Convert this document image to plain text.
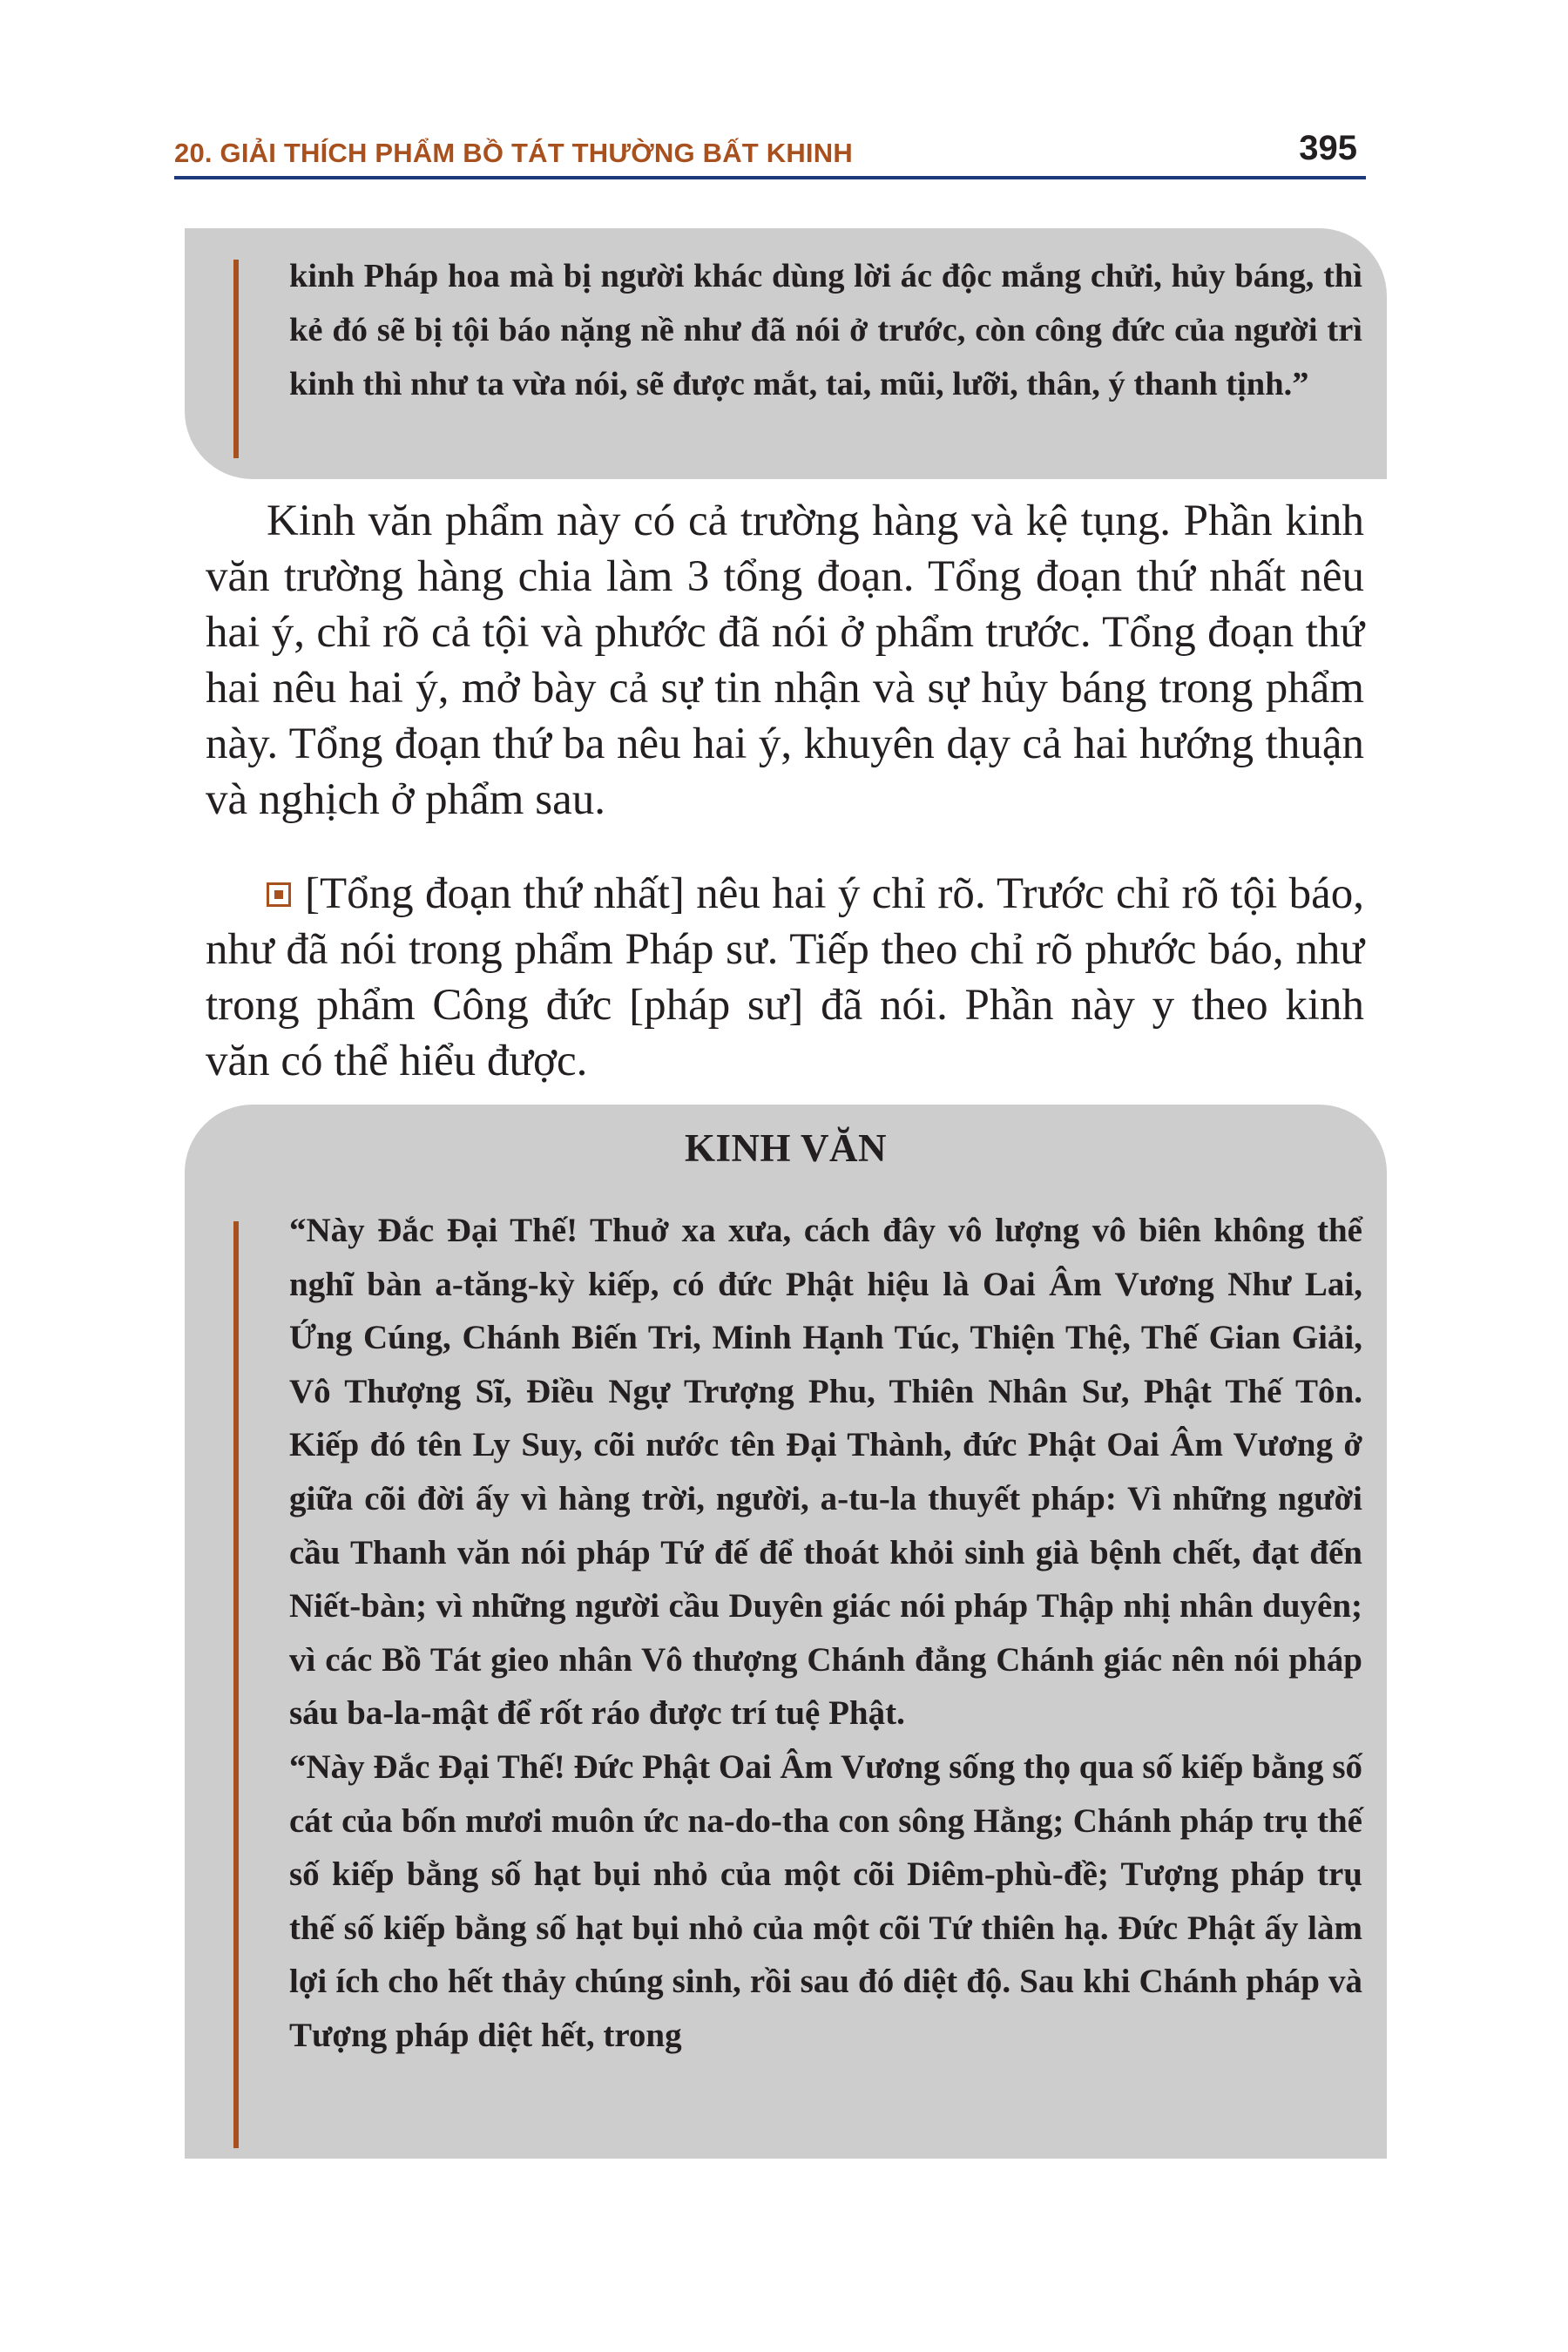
20. GIẢI THÍCH PHẨM BỒ TÁT THƯỜNG BẤT KHINH	395
kinh Pháp hoa mà bị người khác dùng lời ác độc mắng chửi, hủy báng, thì kẻ đó sẽ bị tội báo nặng nề như đã nói ở trước, còn công đức của người trì kinh thì như ta vừa nói, sẽ được mắt, tai, mũi, lưỡi, thân, ý thanh tịnh.”
Kinh văn phẩm này có cả trường hàng và kệ tụng. Phần kinh văn trường hàng chia làm 3 tổng đoạn. Tổng đoạn thứ nhất nêu hai ý, chỉ rõ cả tội và phước đã nói ở phẩm trước. Tổng đoạn thứ hai nêu hai ý, mở bày cả sự tin nhận và sự hủy báng trong phẩm này. Tổng đoạn thứ ba nêu hai ý, khuyên dạy cả hai hướng thuận và nghịch ở phẩm sau.
[Tổng đoạn thứ nhất] nêu hai ý chỉ rõ. Trước chỉ rõ tội báo, như đã nói trong phẩm Pháp sư. Tiếp theo chỉ rõ phước báo, như trong phẩm Công đức [pháp sư] đã nói. Phần này y theo kinh văn có thể hiểu được.
KINH VĂN

“Này Đắc Đại Thế! Thuở xa xưa, cách đây vô lượng vô biên không thể nghĩ bàn a-tăng-kỳ kiếp, có đức Phật hiệu là Oai Âm Vương Như Lai, Ứng Cúng, Chánh Biến Tri, Minh Hạnh Túc, Thiện Thệ, Thế Gian Giải, Vô Thượng Sĩ, Điều Ngự Trượng Phu, Thiên Nhân Sư, Phật Thế Tôn. Kiếp đó tên Ly Suy, cõi nước tên Đại Thành, đức Phật Oai Âm Vương ở giữa cõi đời ấy vì hàng trời, người, a-tu-la thuyết pháp: Vì những người cầu Thanh văn nói pháp Tứ đế để thoát khỏi sinh già bệnh chết, đạt đến Niết-bàn; vì những người cầu Duyên giác nói pháp Thập nhị nhân duyên; vì các Bồ Tát gieo nhân Vô thượng Chánh đẳng Chánh giác nên nói pháp sáu ba-la-mật để rốt ráo được trí tuệ Phật.

“Này Đắc Đại Thế! Đức Phật Oai Âm Vương sống thọ qua số kiếp bằng số cát của bốn mươi muôn ức na-do-tha con sông Hằng; Chánh pháp trụ thế số kiếp bằng số hạt bụi nhỏ của một cõi Diêm-phù-đề; Tượng pháp trụ thế số kiếp bằng số hạt bụi nhỏ của một cõi Tứ thiên hạ. Đức Phật ấy làm lợi ích cho hết thảy chúng sinh, rồi sau đó diệt độ. Sau khi Chánh pháp và Tượng pháp diệt hết, trong
